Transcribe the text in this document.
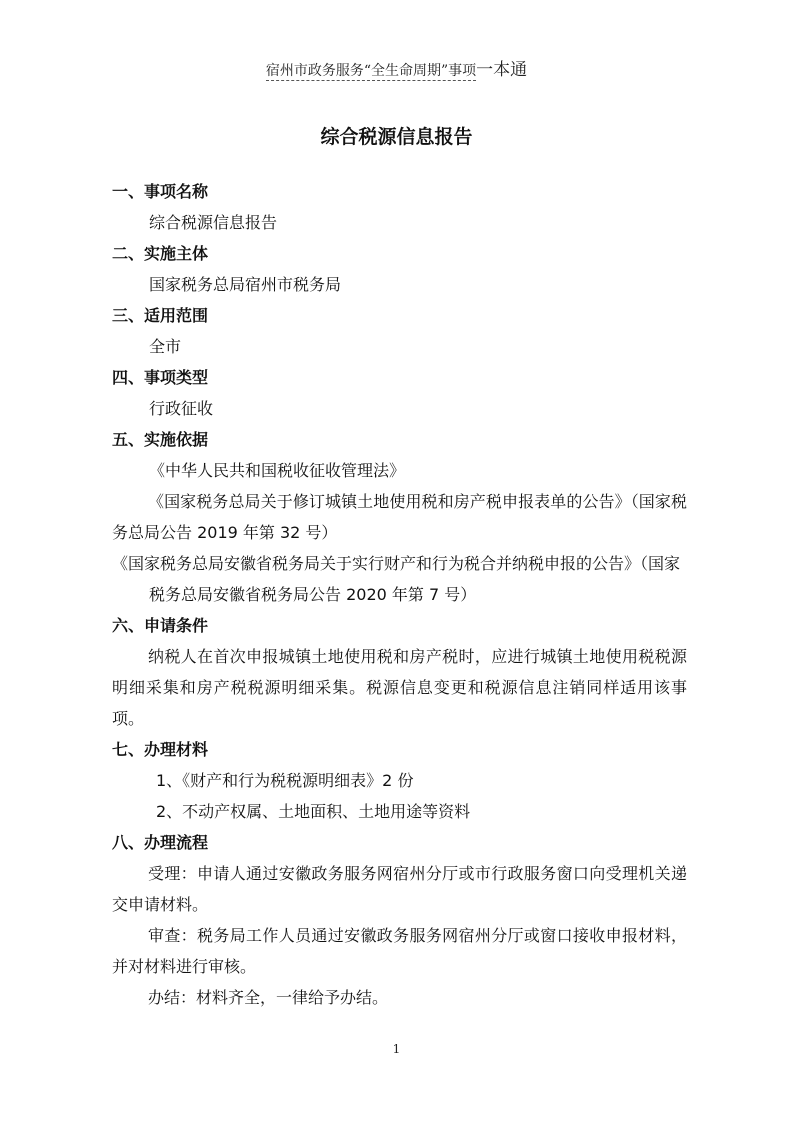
宿州市政务服务“全生命周期”事项一本通
综合税源信息报告
一、事项名称
综合税源信息报告
二、实施主体
国家税务总局宿州市税务局
三、适用范围
全市
四、事项类型
行政征收
五、实施依据
《中华人民共和国税收征收管理法》
《国家税务总局关于修订城镇土地使用税和房产税申报表单的公告》（国家税务总局公告 2019 年第 32 号）
《国家税务总局安徽省税务局关于实行财产和行为税合并纳税申报的公告》（国家税务总局安徽省税务局公告 2020 年第 7 号）
六、申请条件
纳税人在首次申报城镇土地使用税和房产税时，应进行城镇土地使用税税源明细采集和房产税税源明细采集。税源信息变更和税源信息注销同样适用该事项。
七、办理材料
1、《财产和行为税税源明细表》2 份
2、不动产权属、土地面积、土地用途等资料
八、办理流程
受理：申请人通过安徽政务服务网宿州分厅或市行政服务窗口向受理机关递交申请材料。
审查：税务局工作人员通过安徽政务服务网宿州分厅或窗口接收申报材料，并对材料进行审核。
办结：材料齐全，一律给予办结。
1
